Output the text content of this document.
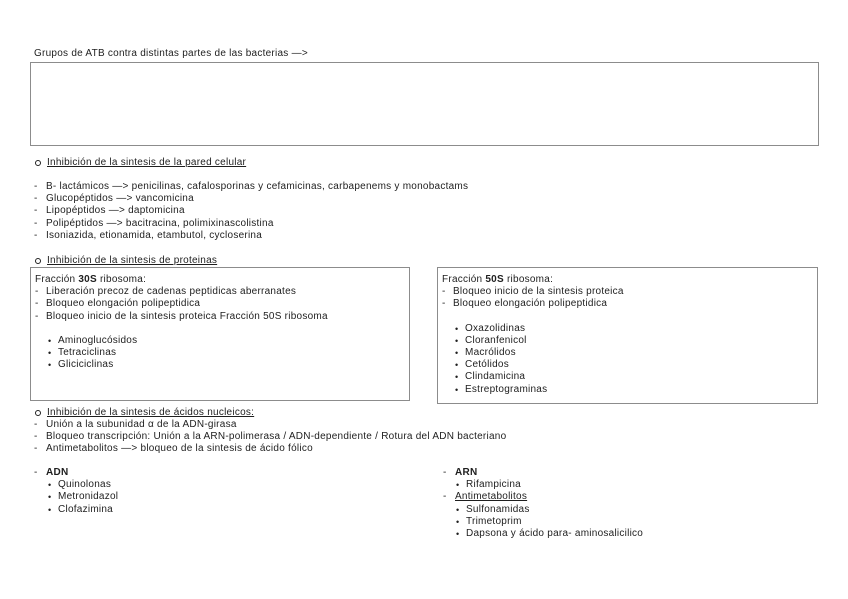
Grupos de ATB contra distintas partes de las bacterias —>
Inhibición de la sintesis de la pared celular
- B- lactámicos —> penicilinas, cafalosporinas y cefamicinas, carbapenems y monobactams
- Glucopéptidos —> vancomicina
- Lipopéptidos —> daptomicina
- Polipéptidos —> bacitracina, polimixinascolistina
- Isoniazida, etionamida, etambutol, cycloserina
Inhibición de la sintesis de proteinas
Fracción 30S ribosoma:
- Liberación precoz de cadenas peptidicas aberranates
- Bloqueo elongación polipeptidica
- Bloqueo inicio de la sintesis proteica Fracción 50S ribosoma
• Aminoglucósidos
• Tetraciclinas
• Gliciciclinas
Fracción 50S ribosoma:
- Bloqueo inicio de la sintesis proteica
- Bloqueo elongación polipeptidica
• Oxazolidinas
• Cloranfenicol
• Macrólidos
• Cetólidos
• Clindamicina
• Estreptograminas
Inhibición de la sintesis de ácidos nucleicos:
- Unión a la subunidad α de la ADN-girasa
- Bloqueo transcripción: Unión a la ARN-polimerasa / ADN-dependiente / Rotura del ADN bacteriano
- Antimetabolitos —> bloqueo de la sintesis de ácido fólico
- ADN
• Quinolonas
• Metronidazol
• Clofazimina
- ARN
• Rifampicina
- Antimetabolitos
• Sulfonamidas
• Trimetoprim
• Dapsona y ácido para- aminosalicilico
